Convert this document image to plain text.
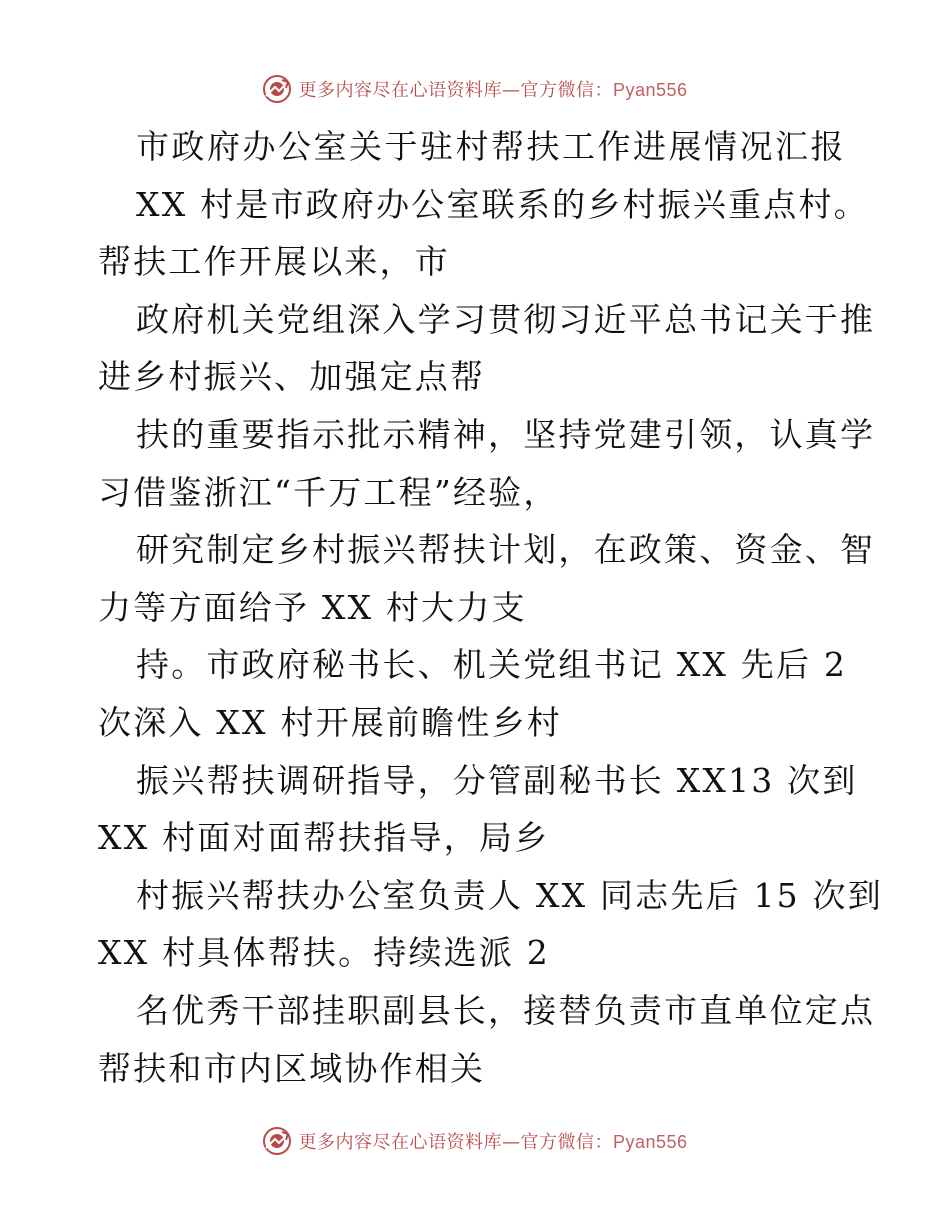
更多内容尽在心语资料库—官方微信：Pyan556
市政府办公室关于驻村帮扶工作进展情况汇报
XX 村是市政府办公室联系的乡村振兴重点村。
帮扶工作开展以来，市
政府机关党组深入学习贯彻习近平总书记关于推
进乡村振兴、加强定点帮
扶的重要指示批示精神，坚持党建引领，认真学
习借鉴浙江“千万工程”经验，
研究制定乡村振兴帮扶计划，在政策、资金、智
力等方面给予 XX 村大力支
持。市政府秘书长、机关党组书记 XX 先后 2
次深入 XX 村开展前瞻性乡村
振兴帮扶调研指导，分管副秘书长 XX13 次到
XX 村面对面帮扶指导，局乡
村振兴帮扶办公室负责人 XX 同志先后 15 次到
XX 村具体帮扶。持续选派 2
名优秀干部挂职副县长，接替负责市直单位定点
帮扶和市内区域协作相关
更多内容尽在心语资料库—官方微信：Pyan556
